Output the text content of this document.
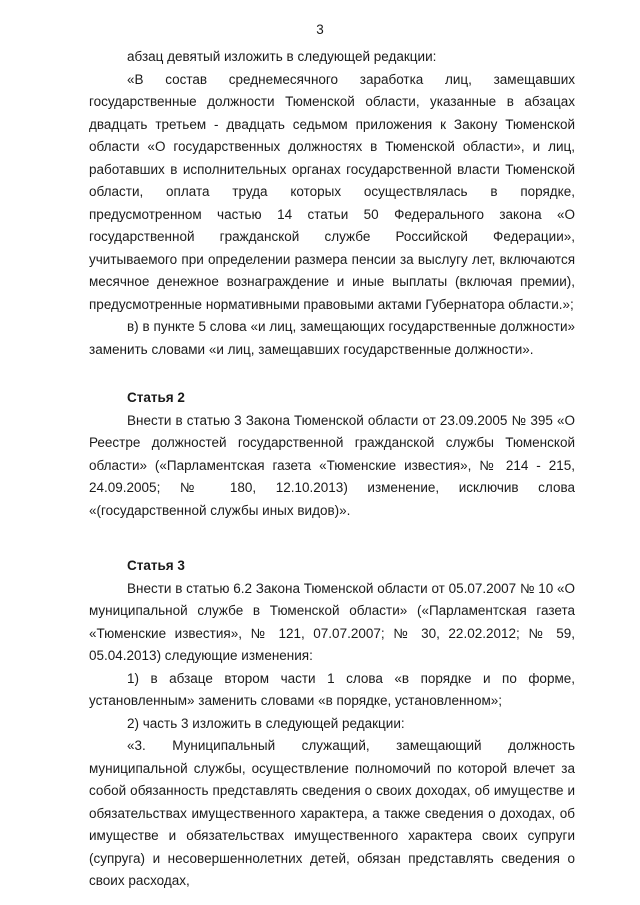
3

абзац девятый изложить в следующей редакции:

«В состав среднемесячного заработка лиц, замещавших

государственные должности Тюменской области, указанные в абзацах двадцать третьем - двадцать седьмом приложения к Закону Тюменской области «О государственных должностях в Тюменской области», и лиц, работавших в исполнительных органах государственной власти Тюменской области, оплата труда которых осуществлялась в порядке, предусмотренном частью 14 статьи 50 Федерального закона «О государственной гражданской службе Российской Федерации», учитываемого при определении размера пенсии за выслугу лет, включаются месячное денежное вознаграждение и иные выплаты (включая премии), предусмотренные нормативными правовыми актами Губернатора области.»;

в) в пункте 5 слова «и лиц, замещающих государственные должности» заменить словами «и лиц, замещавших государственные должности».

Статья 2

Внести в статью 3 Закона Тюменской области от 23.09.2005 № 395 «О Реестре должностей государственной гражданской службы Тюменской области» («Парламентская газета «Тюменские известия», № 214 - 215, 24.09.2005; № 180, 12.10.2013) изменение, исключив слова «(государственной службы иных видов)».

Статья 3

Внести в статью 6.2 Закона Тюменской области от 05.07.2007 № 10 «О муниципальной службе в Тюменской области» («Парламентская газета «Тюменские известия», № 121, 07.07.2007; № 30, 22.02.2012; № 59, 05.04.2013) следующие изменения:

1) в абзаце втором части 1 слова «в порядке и по форме, установленным» заменить словами «в порядке, установленном»;

2) часть 3 изложить в следующей редакции:

«3. Муниципальный служащий, замещающий должность муниципальной службы, осуществление полномочий по которой влечет за собой обязанность представлять сведения о своих доходах, об имуществе и обязательствах имущественного характера, а также сведения о доходах, об имуществе и обязательствах имущественного характера своих супруги (супруга) и несовершеннолетних детей, обязан представлять сведения о своих расходах,
